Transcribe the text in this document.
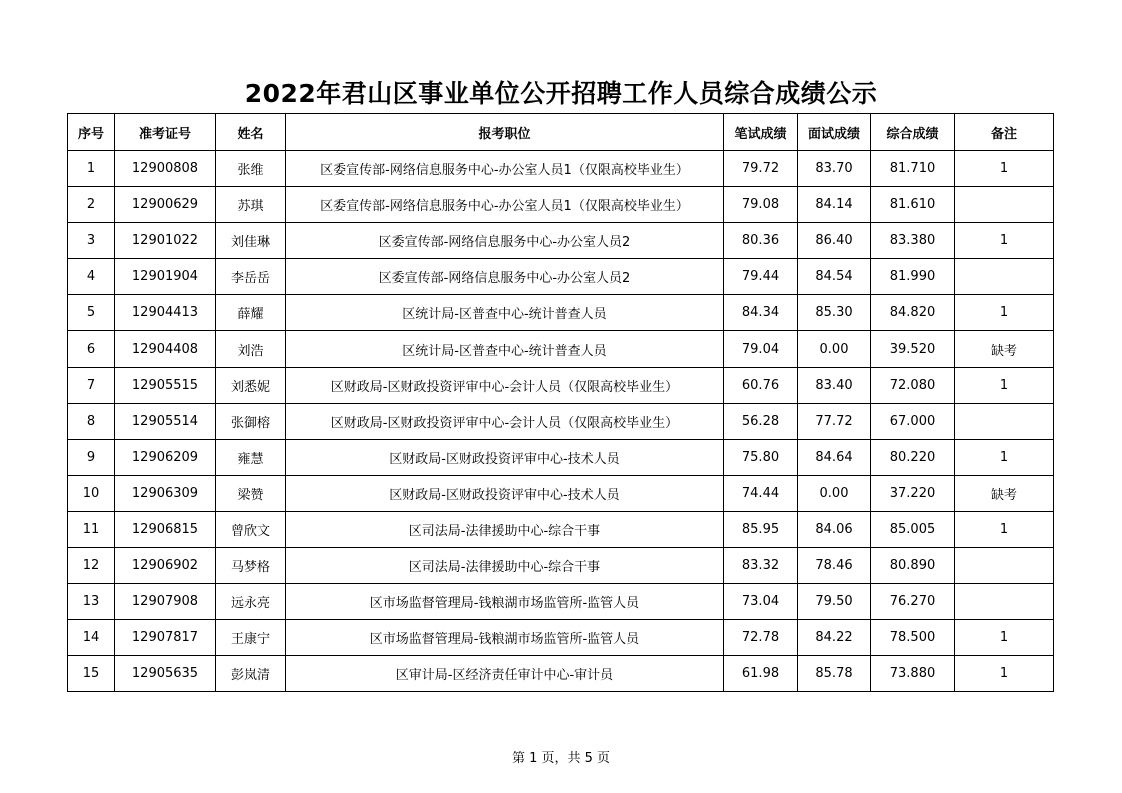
2022年君山区事业单位公开招聘工作人员综合成绩公示
序号	准考证号	姓名	报考职位	笔试成绩	面试成绩	综合成绩	备注
1	12900808	张维	区委宣传部-网络信息服务中心-办公室人员1（仅限高校毕业生）	79.72	83.70	81.710	1
2	12900629	苏琪	区委宣传部-网络信息服务中心-办公室人员1（仅限高校毕业生）	79.08	84.14	81.610	
3	12901022	刘佳琳	区委宣传部-网络信息服务中心-办公室人员2	80.36	86.40	83.380	1
4	12901904	李岳岳	区委宣传部-网络信息服务中心-办公室人员2	79.44	84.54	81.990	
5	12904413	薛耀	区统计局-区普查中心-统计普查人员	84.34	85.30	84.820	1
6	12904408	刘浩	区统计局-区普查中心-统计普查人员	79.04	0.00	39.520	缺考
7	12905515	刘悉妮	区财政局-区财政投资评审中心-会计人员（仅限高校毕业生）	60.76	83.40	72.080	1
8	12905514	张御榕	区财政局-区财政投资评审中心-会计人员（仅限高校毕业生）	56.28	77.72	67.000	
9	12906209	雍慧	区财政局-区财政投资评审中心-技术人员	75.80	84.64	80.220	1
10	12906309	梁赞	区财政局-区财政投资评审中心-技术人员	74.44	0.00	37.220	缺考
11	12906815	曾欣文	区司法局-法律援助中心-综合干事	85.95	84.06	85.005	1
12	12906902	马梦格	区司法局-法律援助中心-综合干事	83.32	78.46	80.890	
13	12907908	远永亮	区市场监督管理局-钱粮湖市场监管所-监管人员	73.04	79.50	76.270	
14	12907817	王康宁	区市场监督管理局-钱粮湖市场监管所-监管人员	72.78	84.22	78.500	1
15	12905635	彭岚清	区审计局-区经济责任审计中心-审计员	61.98	85.78	73.880	1
第 1 页，共 5 页
